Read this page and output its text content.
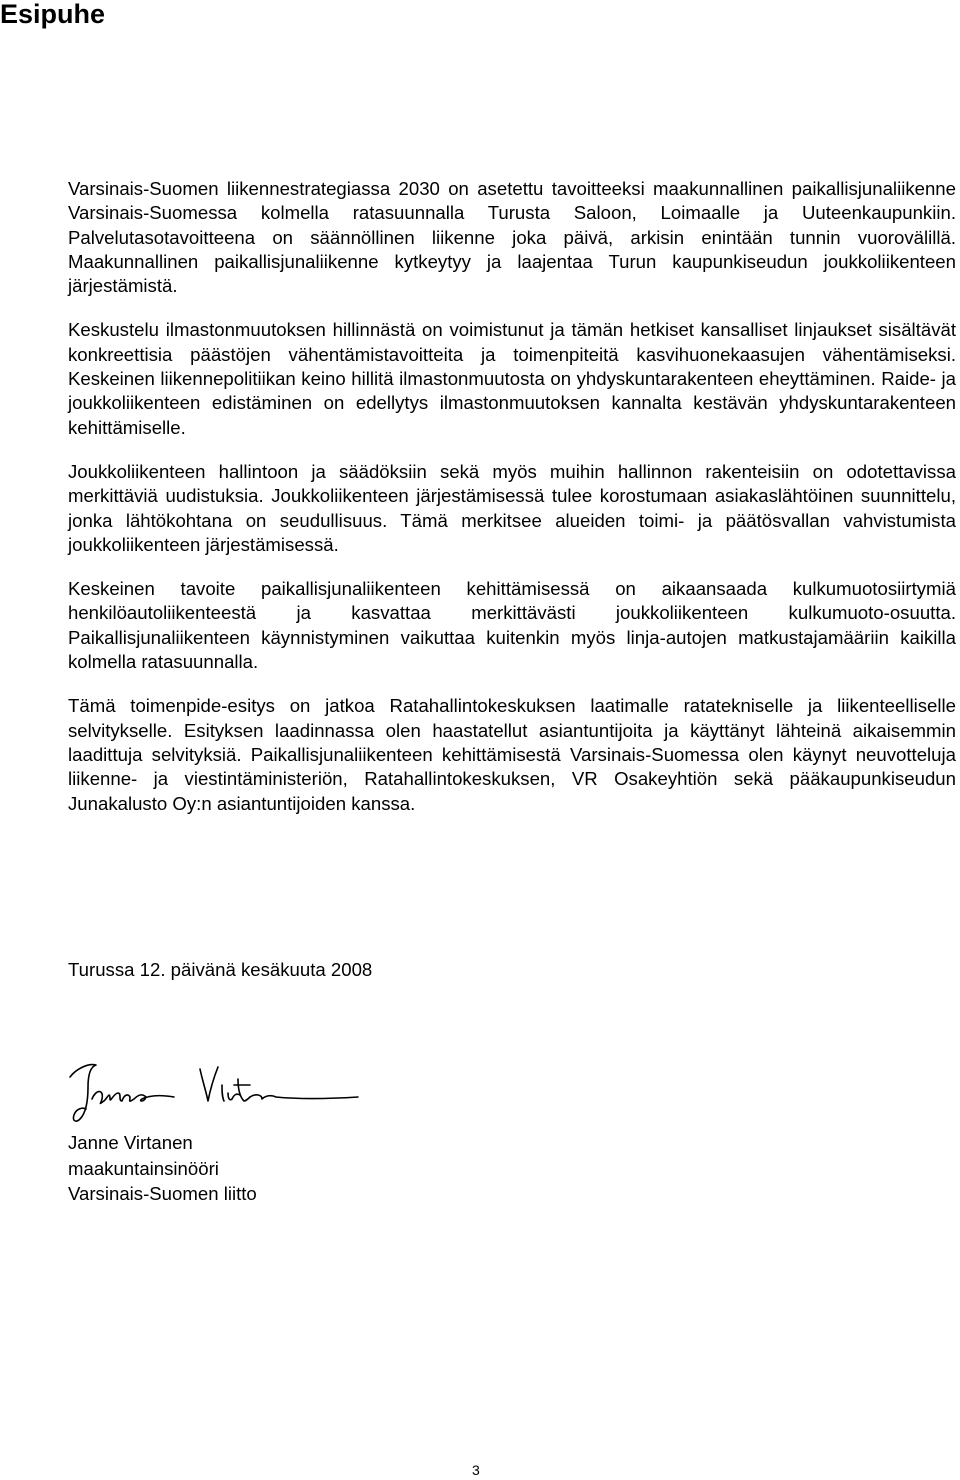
Esipuhe

Varsinais-Suomen liikennestrategiassa 2030 on asetettu tavoitteeksi maakunnallinen paikallisjunaliikenne Varsinais-Suomessa kolmella ratasuunnalla Turusta Saloon, Loimaalle ja Uuteenkaupunkiin. Palvelutasotavoitteena on säännöllinen liikenne joka päivä, arkisin enintään tunnin vuorovälillä. Maakunnallinen paikallisjunaliikenne kytkeytyy ja laajentaa Turun kaupunkiseudun joukkoliikenteen järjestämistä.

Keskustelu ilmastonmuutoksen hillinnästä on voimistunut ja tämän hetkiset kansalliset linjaukset sisältävät konkreettisia päästöjen vähentämistavoitteita ja toimenpiteitä kasvihuonekaasujen vähentämiseksi. Keskeinen liikennepolitiikan keino hillitä ilmastonmuutosta on yhdyskuntarakenteen eheyttäminen. Raide- ja joukkoliikenteen edistäminen on edellytys ilmastonmuutoksen kannalta kestävän yhdyskuntarakenteen kehittämiselle.

Joukkoliikenteen hallintoon ja säädöksiin sekä myös muihin hallinnon rakenteisiin on odotettavissa merkittäviä uudistuksia. Joukkoliikenteen järjestämisessä tulee korostumaan asiakaslähtöinen suunnittelu, jonka lähtökohtana on seudullisuus. Tämä merkitsee alueiden toimi- ja päätösvallan vahvistumista joukkoliikenteen järjestämisessä.

Keskeinen tavoite paikallisjunaliikenteen kehittämisessä on aikaansaada kulkumuotosiirtymiä henkilöautoliikenteestä ja kasvattaa merkittävästi joukkoliikenteen kulkumuoto-osuutta. Paikallisjunaliikenteen käynnistyminen vaikuttaa kuitenkin myös linja-autojen matkustajamääriin kaikilla kolmella ratasuunnalla.

Tämä toimenpide-esitys on jatkoa Ratahallintokeskuksen laatimalle ratatekniselle ja liikenteelliselle selvitykselle. Esityksen laadinnassa olen haastatellut asiantuntijoita ja käyttänyt lähteinä aikaisemmin laadittuja selvityksiä. Paikallisjunaliikenteen kehittämisestä Varsinais-Suomessa olen käynyt neuvotteluja liikenne- ja viestintäministeriön, Ratahallintokeskuksen, VR Osakeyhtiön sekä pääkaupunkiseudun Junakalusto Oy:n asiantuntijoiden kanssa.

Turussa 12. päivänä kesäkuuta 2008

Janne Virtanen
maakuntainsinööri
Varsinais-Suomen liitto
3
